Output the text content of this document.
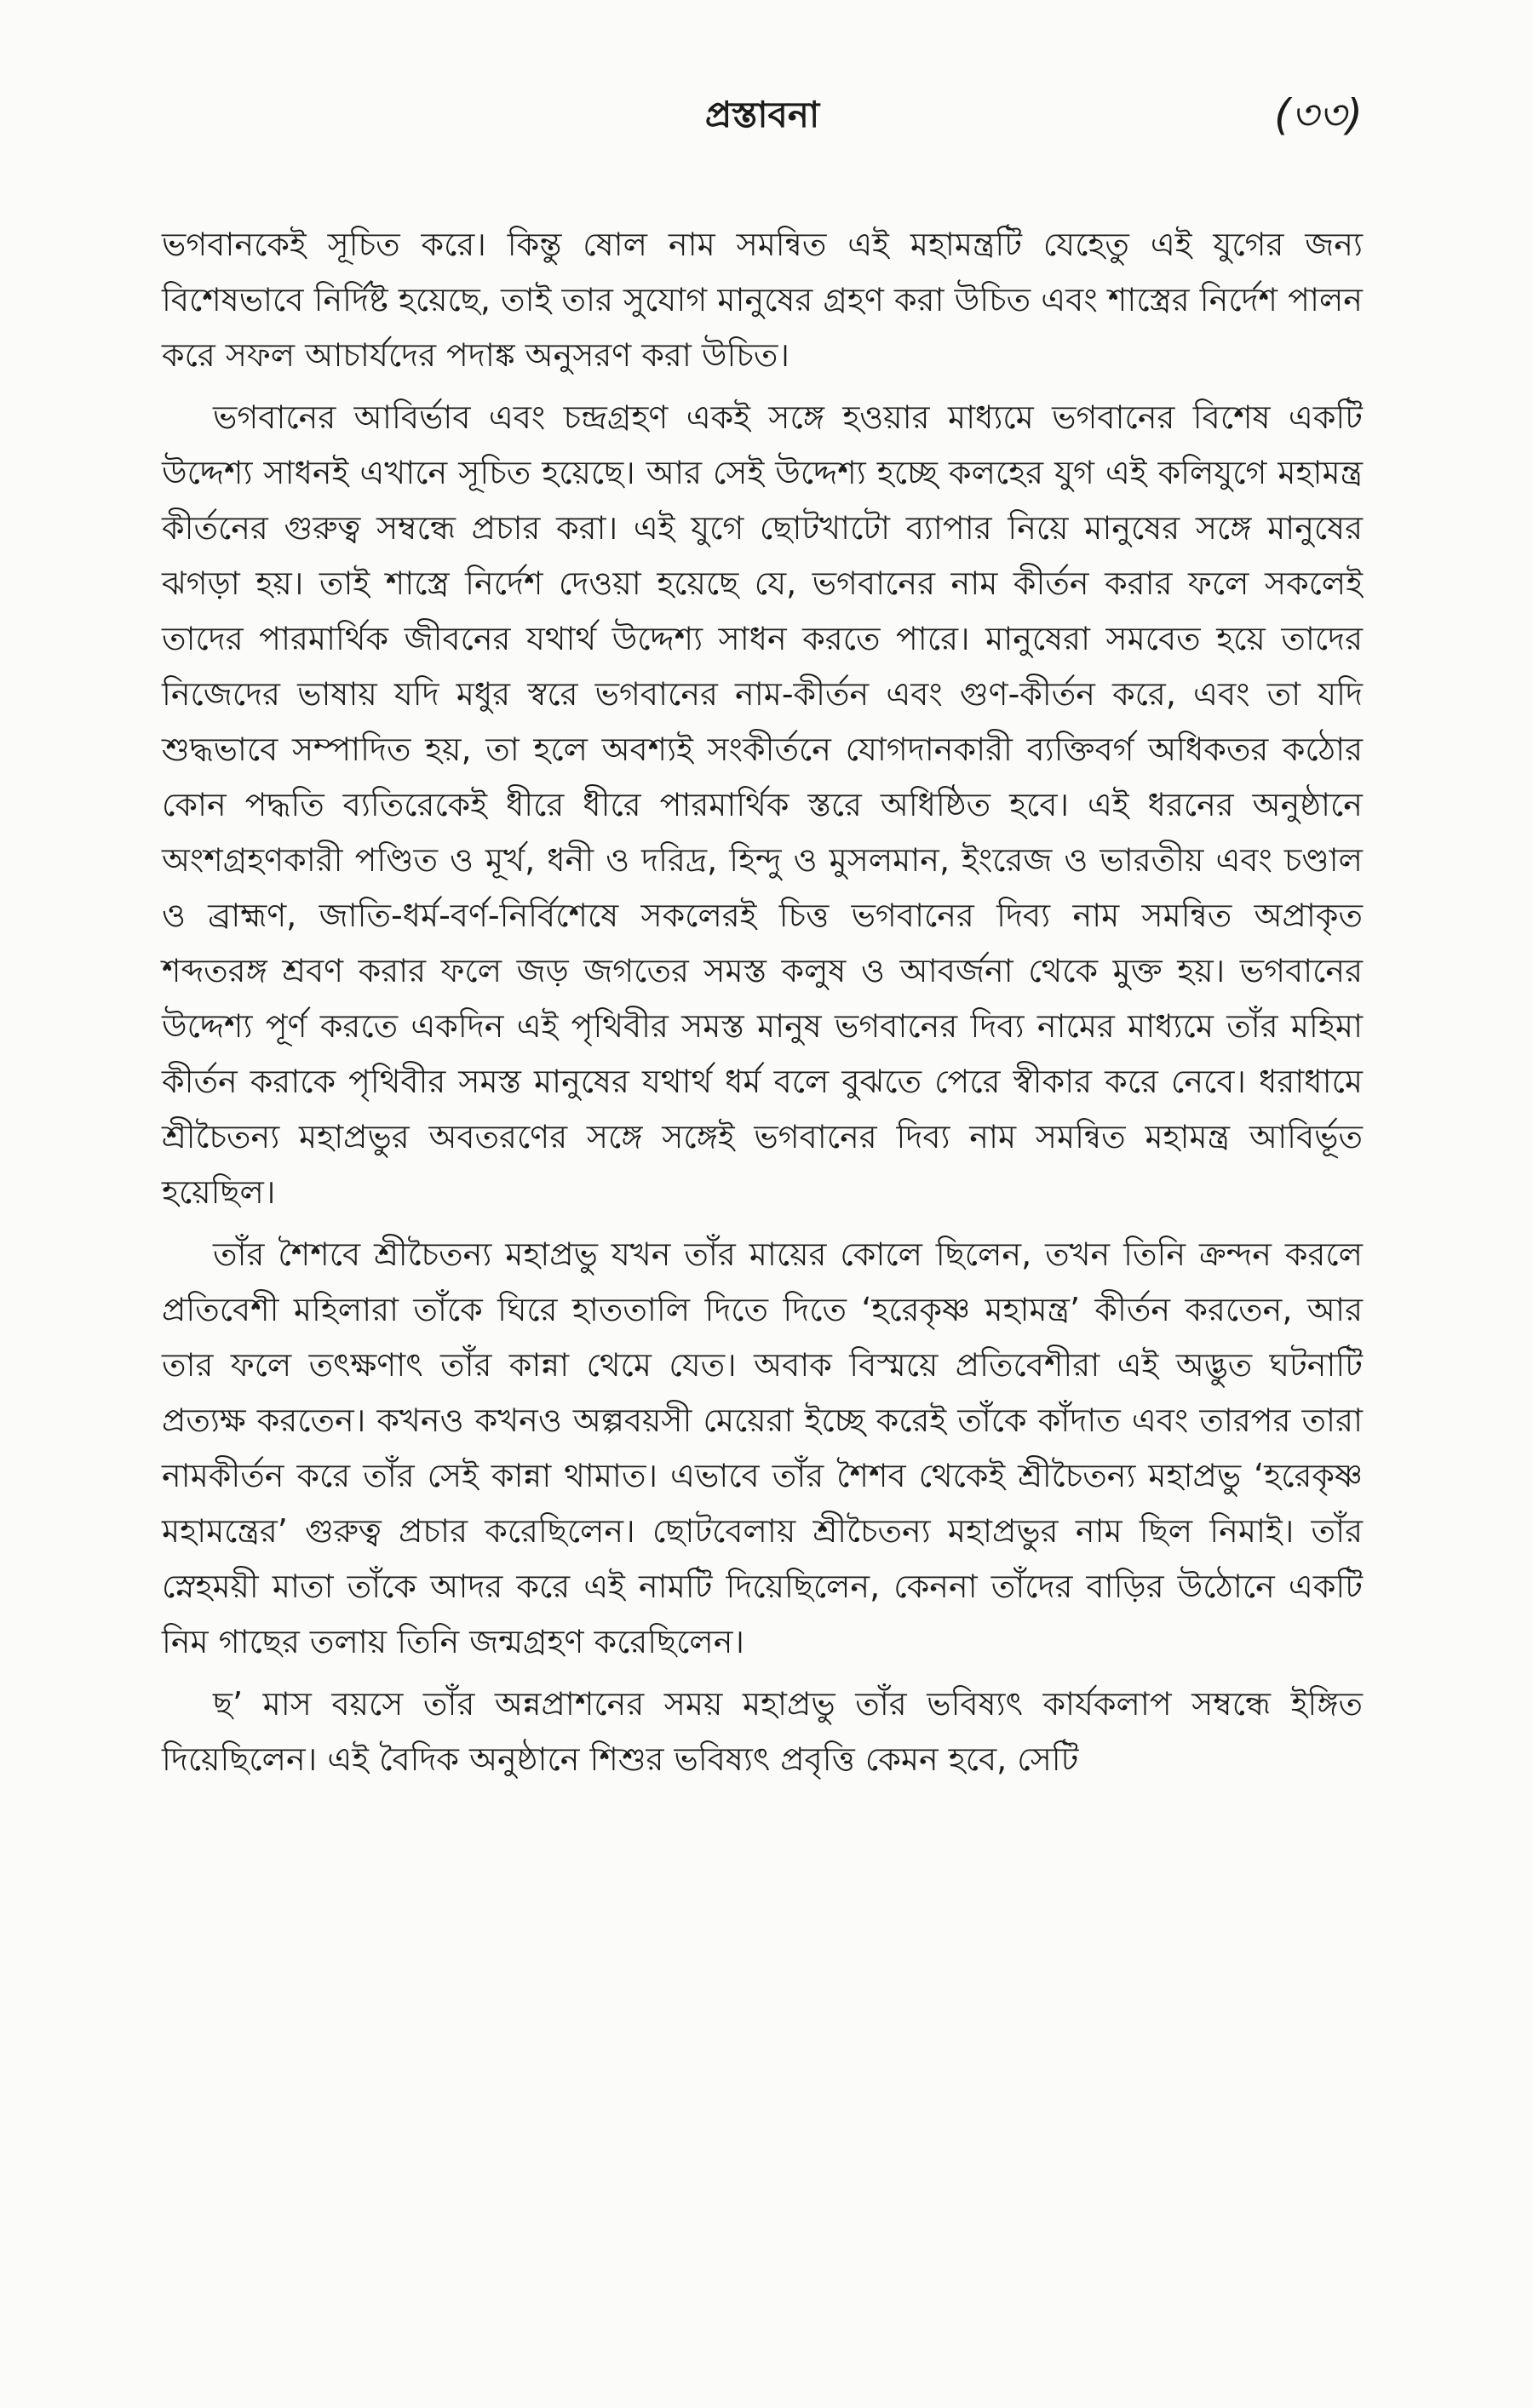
প্রস্তাবনা	(৩৩)

ভগবানকেই সূচিত করে। কিন্তু ষোল নাম সমন্বিত এই মহামন্ত্রটি যেহেতু এই যুগের জন্য বিশেষভাবে নির্দিষ্ট হয়েছে, তাই তার সুযোগ মানুষের গ্রহণ করা উচিত এবং শাস্ত্রের নির্দেশ পালন করে সফল আচার্যদের পদাঙ্ক অনুসরণ করা উচিত।

ভগবানের আবির্ভাব এবং চন্দ্রগ্রহণ একই সঙ্গে হওয়ার মাধ্যমে ভগবানের বিশেষ একটি উদ্দেশ্য সাধনই এখানে সূচিত হয়েছে। আর সেই উদ্দেশ্য হচ্ছে কলহের যুগ এই কলিযুগে মহামন্ত্র কীর্তনের গুরুত্ব সম্বন্ধে প্রচার করা। এই যুগে ছোটখাটো ব্যাপার নিয়ে মানুষের সঙ্গে মানুষের ঝগড়া হয়। তাই শাস্ত্রে নির্দেশ দেওয়া হয়েছে যে, ভগবানের নাম কীর্তন করার ফলে সকলেই তাদের পারমার্থিক জীবনের যথার্থ উদ্দেশ্য সাধন করতে পারে। মানুষেরা সমবেত হয়ে তাদের নিজেদের ভাষায় যদি মধুর স্বরে ভগবানের নাম-কীর্তন এবং গুণ-কীর্তন করে, এবং তা যদি শুদ্ধভাবে সম্পাদিত হয়, তা হলে অবশ্যই সংকীর্তনে যোগদানকারী ব্যক্তিবর্গ অধিকতর কঠোর কোন পদ্ধতি ব্যতিরেকেই ধীরে ধীরে পারমার্থিক স্তরে অধিষ্ঠিত হবে। এই ধরনের অনুষ্ঠানে অংশগ্রহণকারী পণ্ডিত ও মূর্খ, ধনী ও দরিদ্র, হিন্দু ও মুসলমান, ইংরেজ ও ভারতীয় এবং চণ্ডাল ও ব্রাহ্মণ, জাতি-ধর্ম-বর্ণ-নির্বিশেষে সকলেরই চিত্ত ভগবানের দিব্য নাম সমন্বিত অপ্রাকৃত শব্দতরঙ্গ শ্রবণ করার ফলে জড় জগতের সমস্ত কলুষ ও আবর্জনা থেকে মুক্ত হয়। ভগবানের উদ্দেশ্য পূর্ণ করতে একদিন এই পৃথিবীর সমস্ত মানুষ ভগবানের দিব্য নামের মাধ্যমে তাঁর মহিমা কীর্তন করাকে পৃথিবীর সমস্ত মানুষের যথার্থ ধর্ম বলে বুঝতে পেরে স্বীকার করে নেবে। ধরাধামে শ্রীচৈতন্য মহাপ্রভুর অবতরণের সঙ্গে সঙ্গেই ভগবানের দিব্য নাম সমন্বিত মহামন্ত্র আবির্ভূত হয়েছিল।

তাঁর শৈশবে শ্রীচৈতন্য মহাপ্রভু যখন তাঁর মায়ের কোলে ছিলেন, তখন তিনি ক্রন্দন করলে প্রতিবেশী মহিলারা তাঁকে ঘিরে হাততালি দিতে দিতে ‘হরেকৃষ্ণ মহামন্ত্র’ কীর্তন করতেন, আর তার ফলে তৎক্ষণাৎ তাঁর কান্না থেমে যেত। অবাক বিস্ময়ে প্রতিবেশীরা এই অদ্ভুত ঘটনাটি প্রত্যক্ষ করতেন। কখনও কখনও অল্পবয়সী মেয়েরা ইচ্ছে করেই তাঁকে কাঁদাত এবং তারপর তারা নামকীর্তন করে তাঁর সেই কান্না থামাত। এভাবে তাঁর শৈশব থেকেই শ্রীচৈতন্য মহাপ্রভু ‘হরেকৃষ্ণ মহামন্ত্রের’ গুরুত্ব প্রচার করেছিলেন। ছোটবেলায় শ্রীচৈতন্য মহাপ্রভুর নাম ছিল নিমাই। তাঁর স্নেহময়ী মাতা তাঁকে আদর করে এই নামটি দিয়েছিলেন, কেননা তাঁদের বাড়ির উঠোনে একটি নিম গাছের তলায় তিনি জন্মগ্রহণ করেছিলেন।

ছ’ মাস বয়সে তাঁর অন্নপ্রাশনের সময় মহাপ্রভু তাঁর ভবিষ্যৎ কার্যকলাপ সম্বন্ধে ইঙ্গিত দিয়েছিলেন। এই বৈদিক অনুষ্ঠানে শিশুর ভবিষ্যৎ প্রবৃত্তি কেমন হবে, সেটি
